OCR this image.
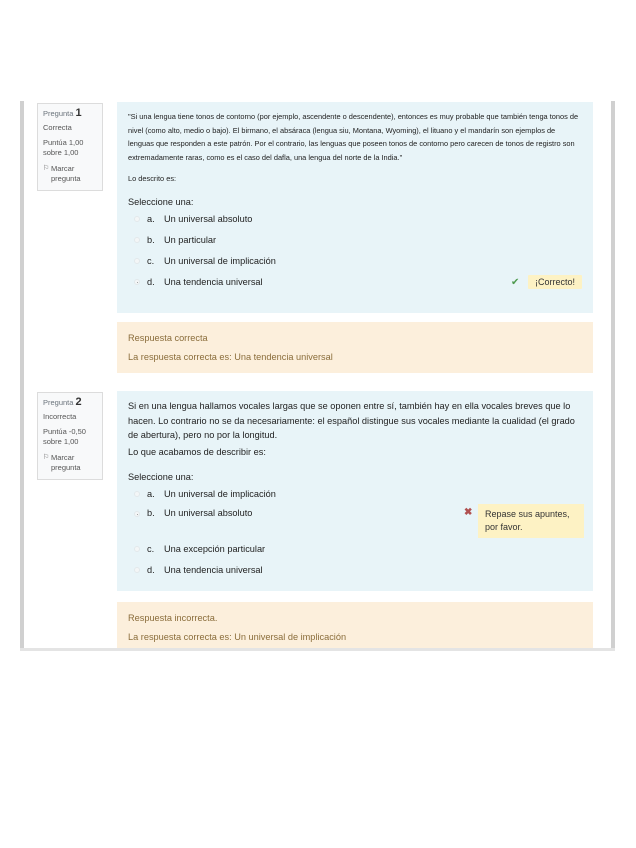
Pregunta 1
Correcta
Puntúa 1,00 sobre 1,00
⚐ Marcar pregunta
"Si una lengua tiene tonos de contorno (por ejemplo, ascendente o descendente), entonces es muy probable que también tenga tonos de nivel (como alto, medio o bajo). El birmano, el absáraca (lengua siu, Montana, Wyoming), el lituano y el mandarín son ejemplos de lenguas que responden a este patrón. Por el contrario, las lenguas que poseen tonos de contorno pero carecen de tonos de registro son extremadamente raras, como es el caso del dafla, una lengua del norte de la India."
Lo descrito es:
Seleccione una:
a.	Un universal absoluto
b.	Un particular
c.	Un universal de implicación
d.	Una tendencia universal	✔	¡Correcto!
Respuesta correcta
La respuesta correcta es: Una tendencia universal
Pregunta 2
Incorrecta
Puntúa -0,50 sobre 1,00
⚐ Marcar pregunta
Si en una lengua hallamos vocales largas que se oponen entre sí, también hay en ella vocales breves que lo hacen. Lo contrario no se da necesariamente: el español distingue sus vocales mediante la cualidad (el grado de abertura), pero no por la longitud.
Lo que acabamos de describir es:
Seleccione una:
a.	Un universal de implicación
b.	Un universal absoluto	✖	Repase sus apuntes, por favor.
c.	Una excepción particular
d.	Una tendencia universal
Respuesta incorrecta.
La respuesta correcta es: Un universal de implicación
